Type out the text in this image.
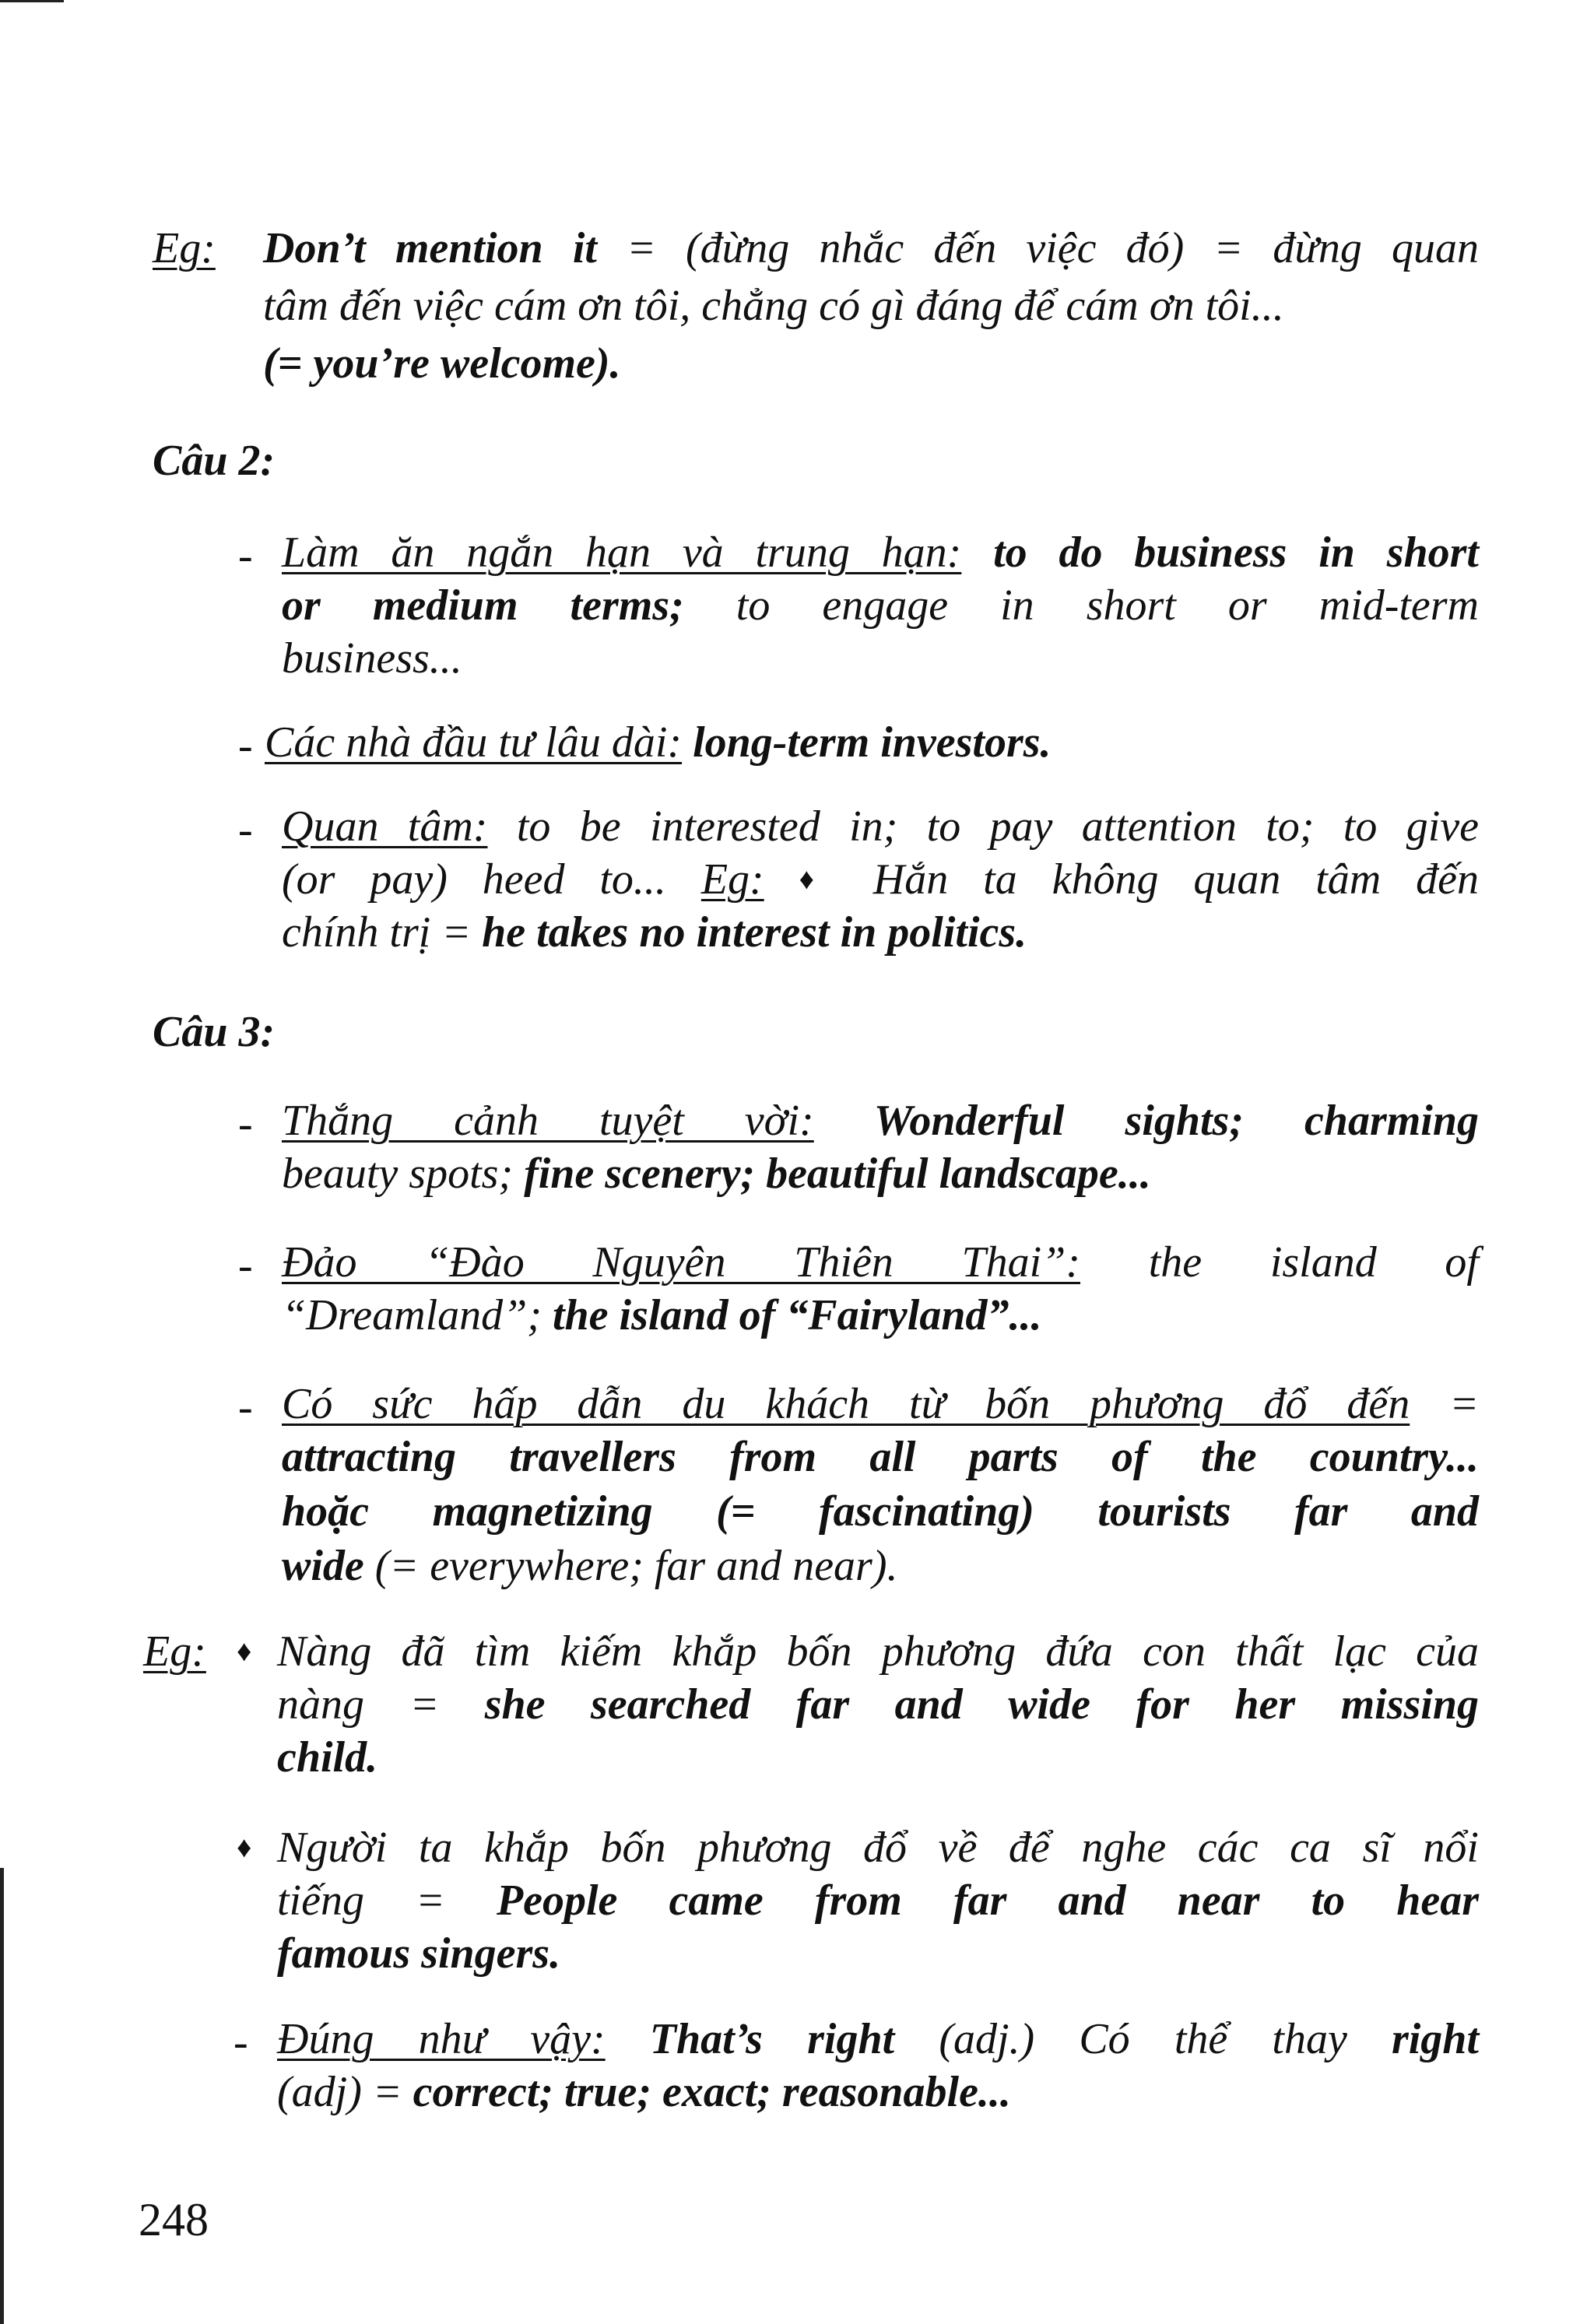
Eg: Don’t mention it = (đừng nhắc đến việc đó) = đừng quan
tâm đến việc cám ơn tôi, chẳng có gì đáng để cám ơn tôi...
(= you’re welcome).
Câu 2:
- Làm ăn ngắn hạn và trung hạn: to do business in short
or medium terms; to engage in short or mid-term
business...
- Các nhà đầu tư lâu dài: long-term investors.
- Quan tâm: to be interested in; to pay attention to; to give
(or pay) heed to... Eg: ♦ Hắn ta không quan tâm đến
chính trị = he takes no interest in politics.
Câu 3:
- Thắng cảnh tuyệt vời: Wonderful sights; charming
beauty spots; fine scenery; beautiful landscape...
- Đảo “Đào Nguyên Thiên Thai”: the island of
“Dreamland”; the island of “Fairyland”...
- Có sức hấp dẫn du khách từ bốn phương đổ đến =
attracting travellers from all parts of the country...
hoặc magnetizing (= fascinating) tourists far and
wide (= everywhere; far and near).
Eg: ♦ Nàng đã tìm kiếm khắp bốn phương đứa con thất lạc của
nàng = she searched far and wide for her missing
child.
♦ Người ta khắp bốn phương đổ về để nghe các ca sĩ nổi
tiếng = People came from far and near to hear
famous singers.
- Đúng như vậy: That’s right (adj.) Có thể thay right
(adj) = correct; true; exact; reasonable...
248
